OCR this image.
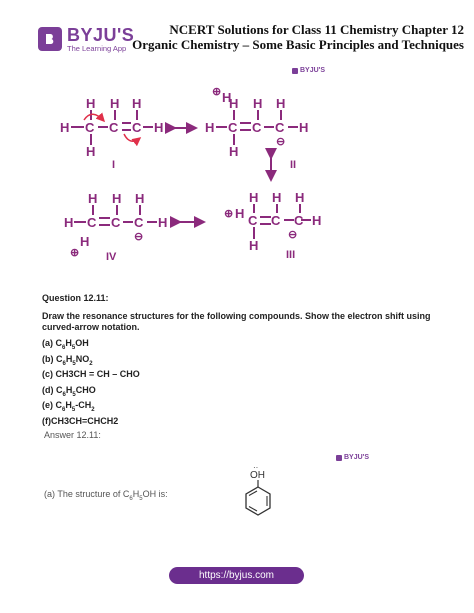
BYJU'S
The Learning App
NCERT Solutions for Class 11 Chemistry Chapter 12
Organic Chemistry – Some Basic Principles and Techniques
BYJU'S
H C C C H
H H H
H
I
H C C C H
H H H
H
H
⊕
⊖
II
C C C H
H H H
H
H
⊕
⊖
III
H C C C H
H H H
H
⊕
⊖
IV
Question 12.11:
Draw the resonance structures for the following compounds. Show the electron shift using
curved-arrow notation.
(a) $C_6H_5OH$
(b) $C_6H_5NO_2$
(c) CH3CH = CH – CHO
(d) $C_6H_5CHO$
(e) $C_6H_5-CH_2$
(f)CH3CH=CHCH2
Answer 12.11:
BYJU'S
(a) The structure of $C_6H_5OH$ is:
··
OH
https://byjus.com
